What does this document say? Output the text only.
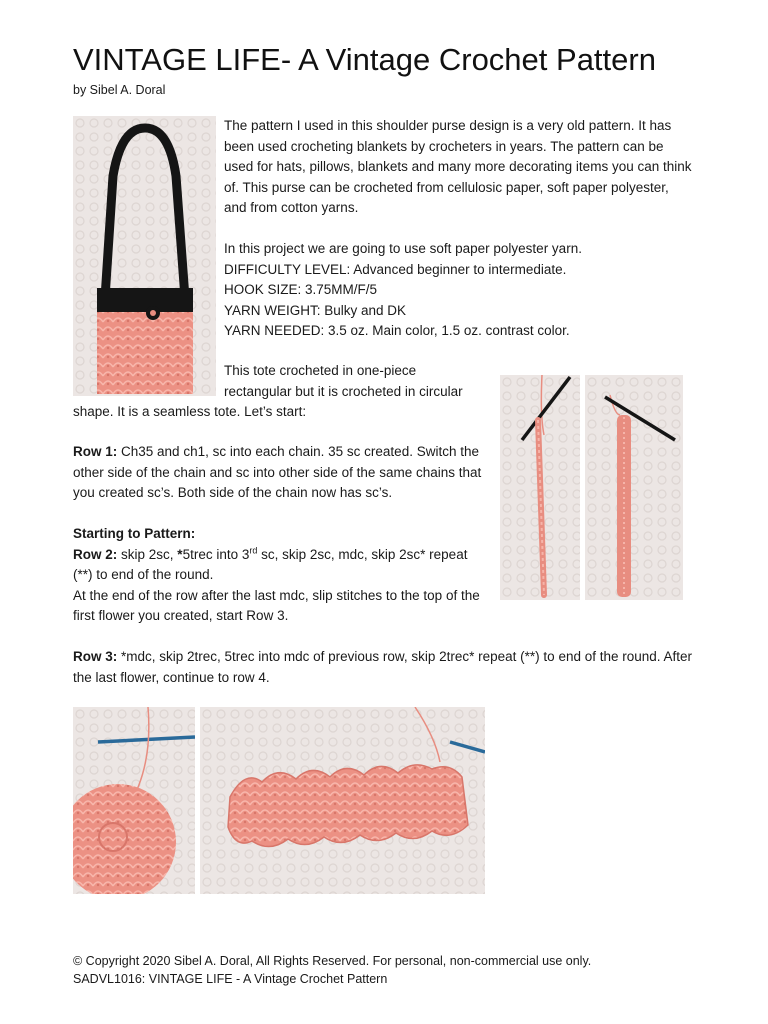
VINTAGE LIFE- A Vintage Crochet Pattern
by Sibel A. Doral

The pattern I used in this shoulder purse design is a very old pattern. It has been used crocheting blankets by crocheters in years. The pattern can be used for hats, pillows, blankets and many more decorating items you can think of. This purse can be crocheted from cellulosic paper, soft paper polyester, and from cotton yarns.

In this project we are going to use soft paper polyester yarn.
DIFFICULTY LEVEL: Advanced beginner to intermediate.
HOOK SIZE: 3.75MM/F/5
YARN WEIGHT: Bulky and DK
YARN NEEDED: 3.5 oz. Main color, 1.5 oz. contrast color.
This tote crocheted in one-piece
rectangular but it is crocheted in circular
shape. It is a seamless tote. Let’s start:

Row 1: Ch35 and ch1, sc into each chain. 35 sc created. Switch the other side of the chain and sc into other side of the same chains that you created sc’s. Both side of the chain now has sc’s.

Starting to Pattern:

Row 2: skip 2sc, *5trec into 3rd sc, skip 2sc, mdc, skip 2sc* repeat (**) to end of the round.

At the end of the row after the last mdc, slip stitches to the top of the first flower you created, start Row 3.

Row 3: *mdc, skip 2trec, 5trec into mdc of previous row, skip 2trec* repeat (**) to end of the round. After the last flower, continue to row 4.

© Copyright 2020 Sibel A. Doral, All Rights Reserved. For personal, non-commercial use only.
SADVL1016: VINTAGE LIFE - A Vintage Crochet Pattern
